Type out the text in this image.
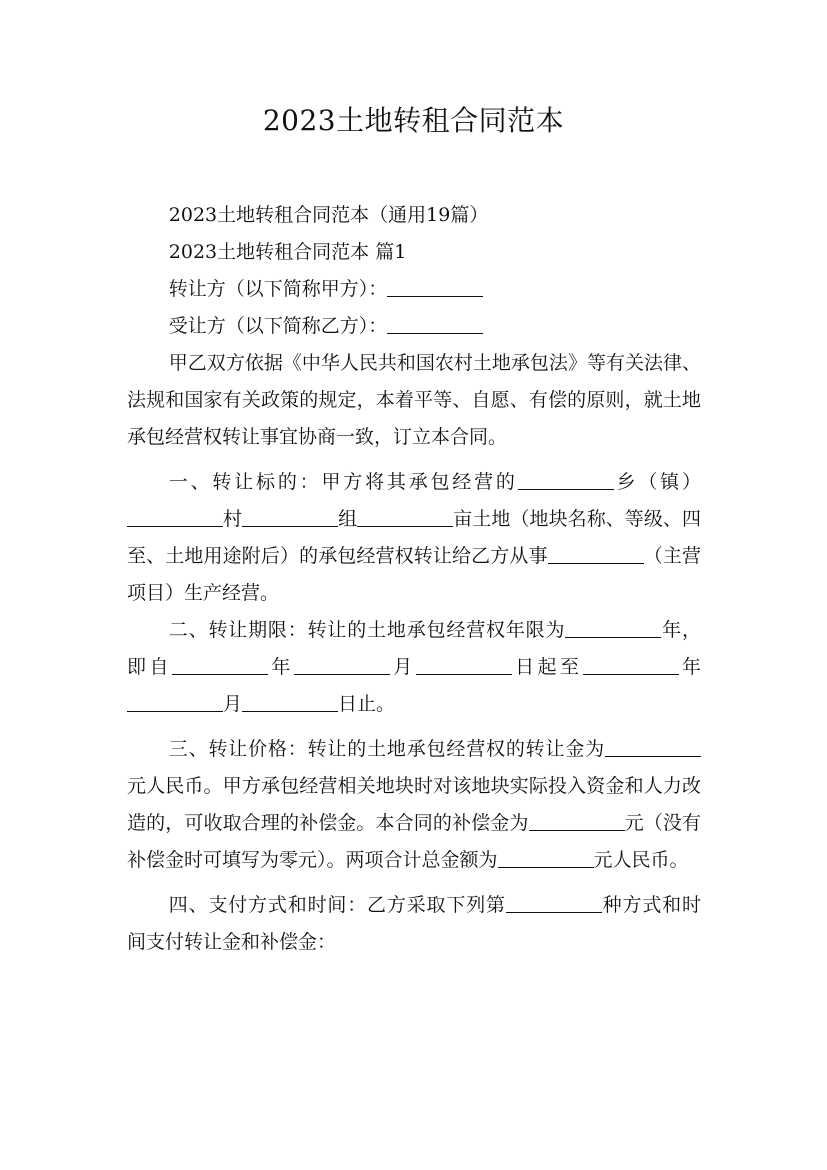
2023土地转租合同范本

2023土地转租合同范本（通用19篇）

2023土地转租合同范本 篇1

转让方（以下简称甲方）：

受让方（以下简称乙方）：

甲乙双方依据《中华人民共和国农村土地承包法》等有关法律、法规和国家有关政策的规定，本着平等、自愿、有偿的原则，就土地承包经营权转让事宜协商一致，订立本合同。

一、转让标的：甲方将其承包经营的	乡（镇）村	组	亩土地（地块名称、等级、四至、土地用途附后）的承包经营权转让给乙方从事	（主营项目）生产经营。

二、转让期限：转让的土地承包经营权年限为	年，即自	年	月	日起至	年月	日止。

三、转让价格：转让的土地承包经营权的转让金为元人民币。甲方承包经营相关地块时对该地块实际投入资金和人力改造的，可收取合理的补偿金。本合同的补偿金为	元（没有补偿金时可填写为零元）。两项合计总金额为	元人民币。

四、支付方式和时间：乙方采取下列第	种方式和时间支付转让金和补偿金：
